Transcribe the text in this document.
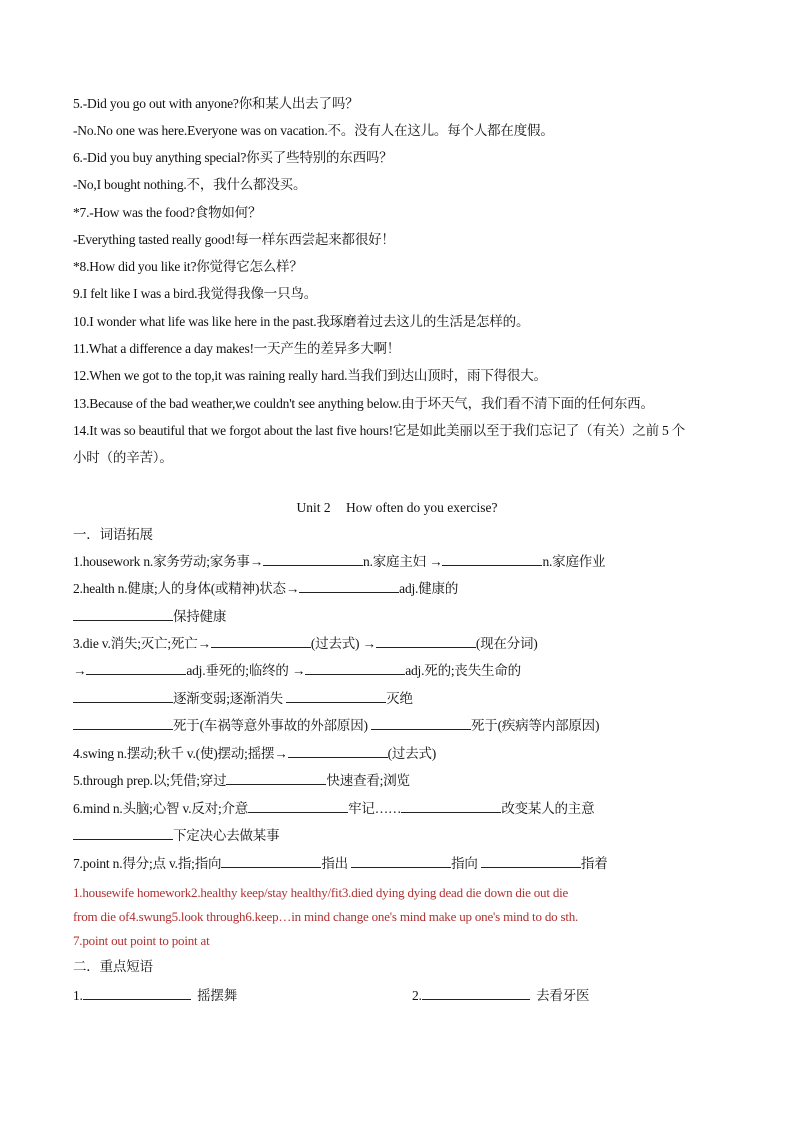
5.-Did you go out with anyone?你和某人出去了吗？
-No.No one was here.Everyone was on vacation.不。没有人在这儿。每个人都在度假。
6.-Did you buy anything special?你买了些特别的东西吗？
-No,I bought nothing.不，我什么都没买。
*7.-How was the food?食物如何？
-Everything tasted really good!每一样东西尝起来都很好！
*8.How did you like it?你觉得它怎么样？
9.I felt like I was a bird.我觉得我像一只鸟。
10.I wonder what life was like here in the past.我琢磨着过去这儿的生活是怎样的。
11.What a difference a day makes!一天产生的差异多大啊！
12.When we got to the top,it was raining really hard.当我们到达山顶时，雨下得很大。
13.Because of the bad weather,we couldn't see anything below.由于坏天气，我们看不清下面的任何东西。
14.It was so beautiful that we forgot about the last five hours!它是如此美丽以至于我们忘记了（有关）之前 5 个
小时（的辛苦）。
Unit 2 How often do you exercise?
一．词语拓展
1.housework n.家务劳动;家务事→	n.家庭主妇 →	n.家庭作业
2.health n.健康;人的身体(或精神)状态→	adj.健康的
保持健康
3.die v.消失;灭亡;死亡→	(过去式) →	(现在分词)
→	adj.垂死的;临终的 →	adj.死的;丧失生命的
逐渐变弱;逐渐消失	灭绝
死于(车祸等意外事故的外部原因)	死于(疾病等内部原因)
4.swing n.摆动;秋千 v.(使)摆动;摇摆→	(过去式)
5.through prep.以;凭借;穿过	快速查看;浏览
6.mind n.头脑;心智 v.反对;介意	牢记……	改变某人的主意
下定决心去做某事
7.point n.得分;点 v.指;指向	指出	指向	指着
1.housewife homework2.healthy keep/stay healthy/fit3.died dying dying dead die down die out die
from die of4.swung5.look through6.keep…in mind change one's mind make up one's mind to do sth.
7.point out point to point at
二．重点短语
1.	摇摆舞	2.	去看牙医
